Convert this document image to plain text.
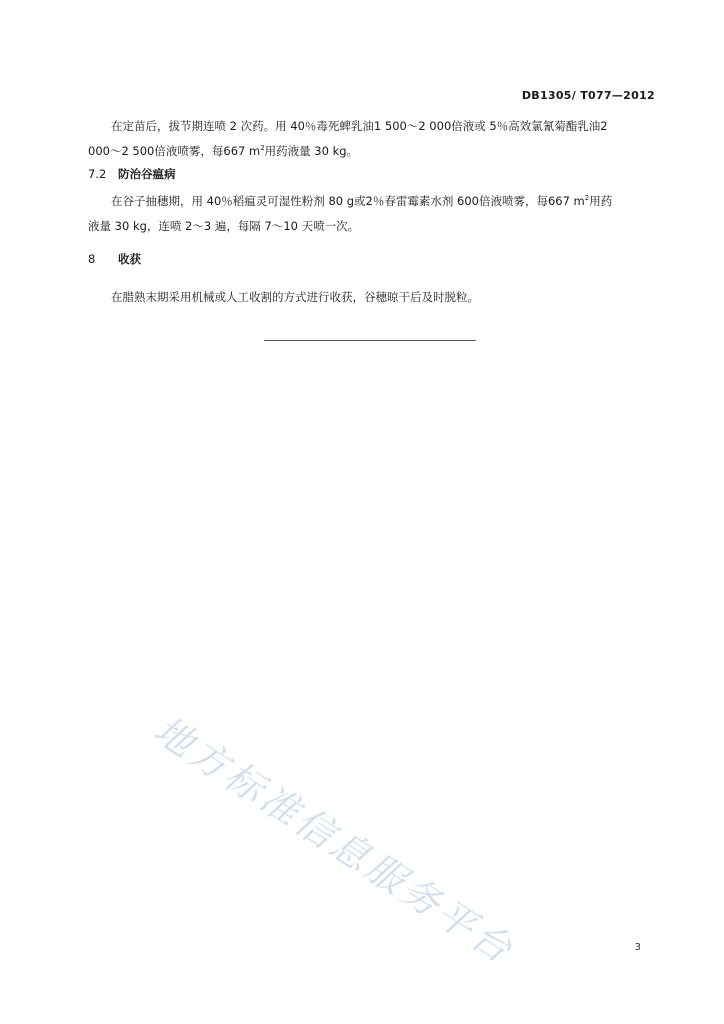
DB1305/ T077—2012
在定苗后，拔节期连喷 2 次药。用 40％毒死蜱乳油1 500～2 000倍液或 5％高效氯氰菊酯乳油2
000～2 500倍液喷雾，每667 $m^2$用药液量 30 kg。
7.2 防治谷瘟病
在谷子抽穗期，用 40％稻瘟灵可湿性粉剂 80 g或2％春雷霉素水剂 600倍液喷雾，每667 $m^2$用药
液量 30 kg，连喷 2～3 遍，每隔 7～10 天喷一次。
8 收获
在腊熟末期采用机械或人工收割的方式进行收获，谷穗晾干后及时脱粒。
地方标准信息服务平台	3
